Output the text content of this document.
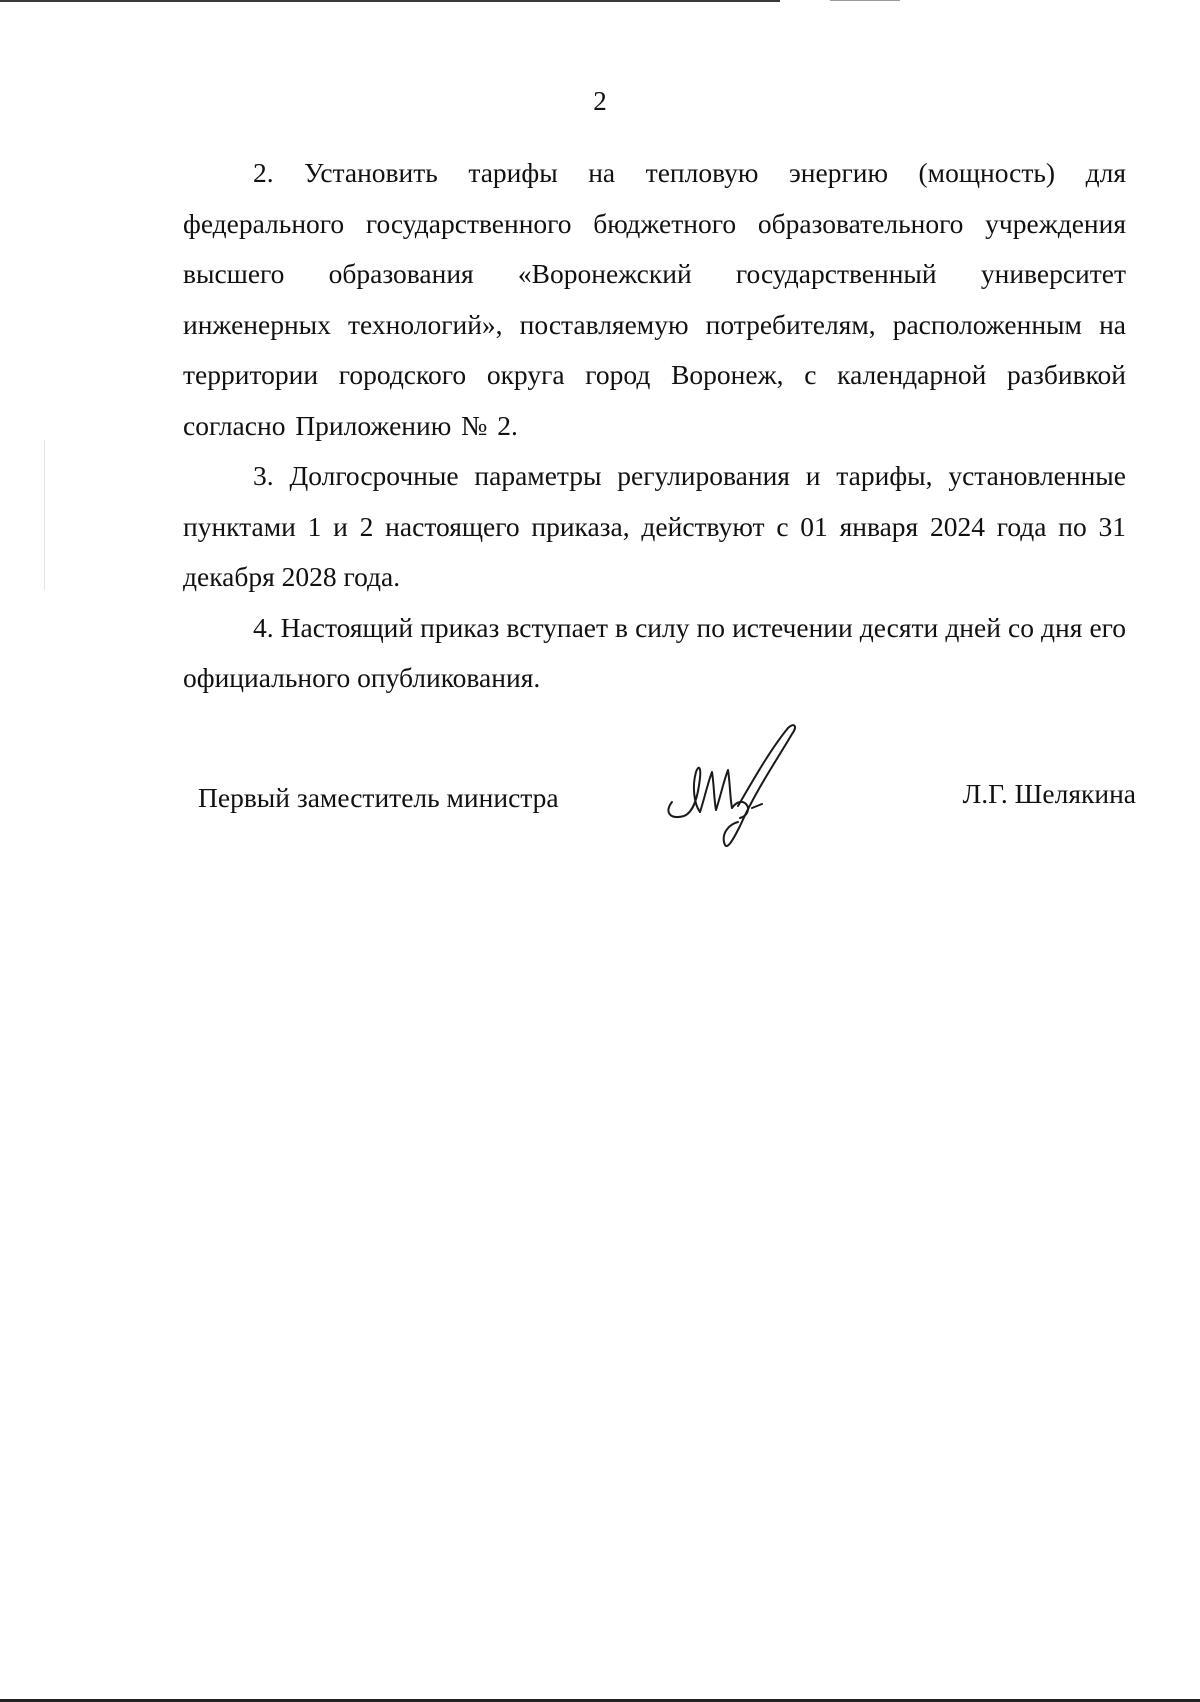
2

2. Установить тарифы на тепловую энергию (мощность) для федерального государственного бюджетного образовательного учреждения высшего образования «Воронежский государственный университет инженерных технологий», поставляемую потребителям, расположенным на территории городского округа город Воронеж, с календарной разбивкой согласно Приложению № 2.

3. Долгосрочные параметры регулирования и тарифы, установленные пунктами 1 и 2 настоящего приказа, действуют с 01 января 2024 года по 31 декабря 2028 года.

4. Настоящий приказ вступает в силу по истечении десяти дней со дня его официального опубликования.

Первый заместитель министра	Л.Г. Шелякина
